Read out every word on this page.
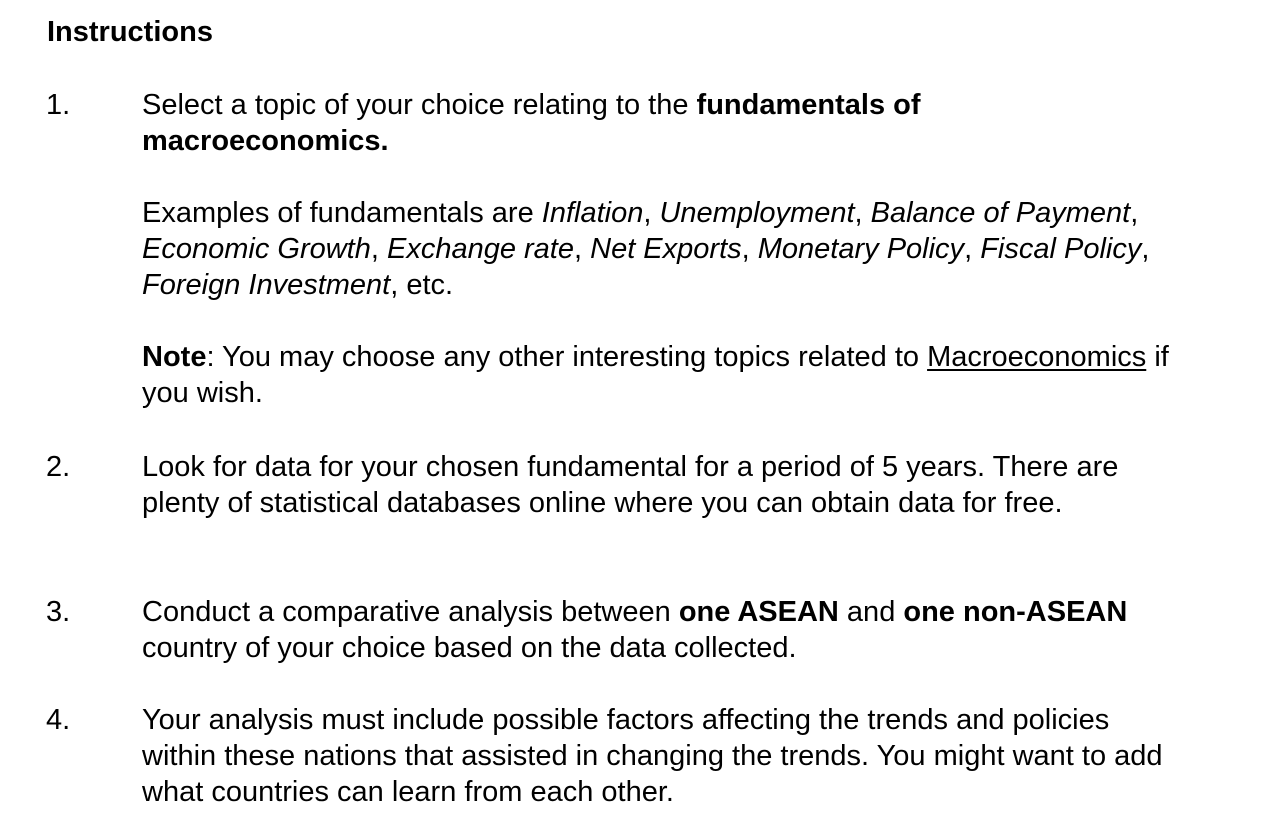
Instructions
1. Select a topic of your choice relating to the fundamentals of macroeconomics.

Examples of fundamentals are Inflation, Unemployment, Balance of Payment, Economic Growth, Exchange rate, Net Exports, Monetary Policy, Fiscal Policy, Foreign Investment, etc.

Note: You may choose any other interesting topics related to Macroeconomics if you wish.

2. Look for data for your chosen fundamental for a period of 5 years. There are plenty of statistical databases online where you can obtain data for free.

3. Conduct a comparative analysis between one ASEAN and one non-ASEAN country of your choice based on the data collected.

4. Your analysis must include possible factors affecting the trends and policies within these nations that assisted in changing the trends. You might want to add what countries can learn from each other.
